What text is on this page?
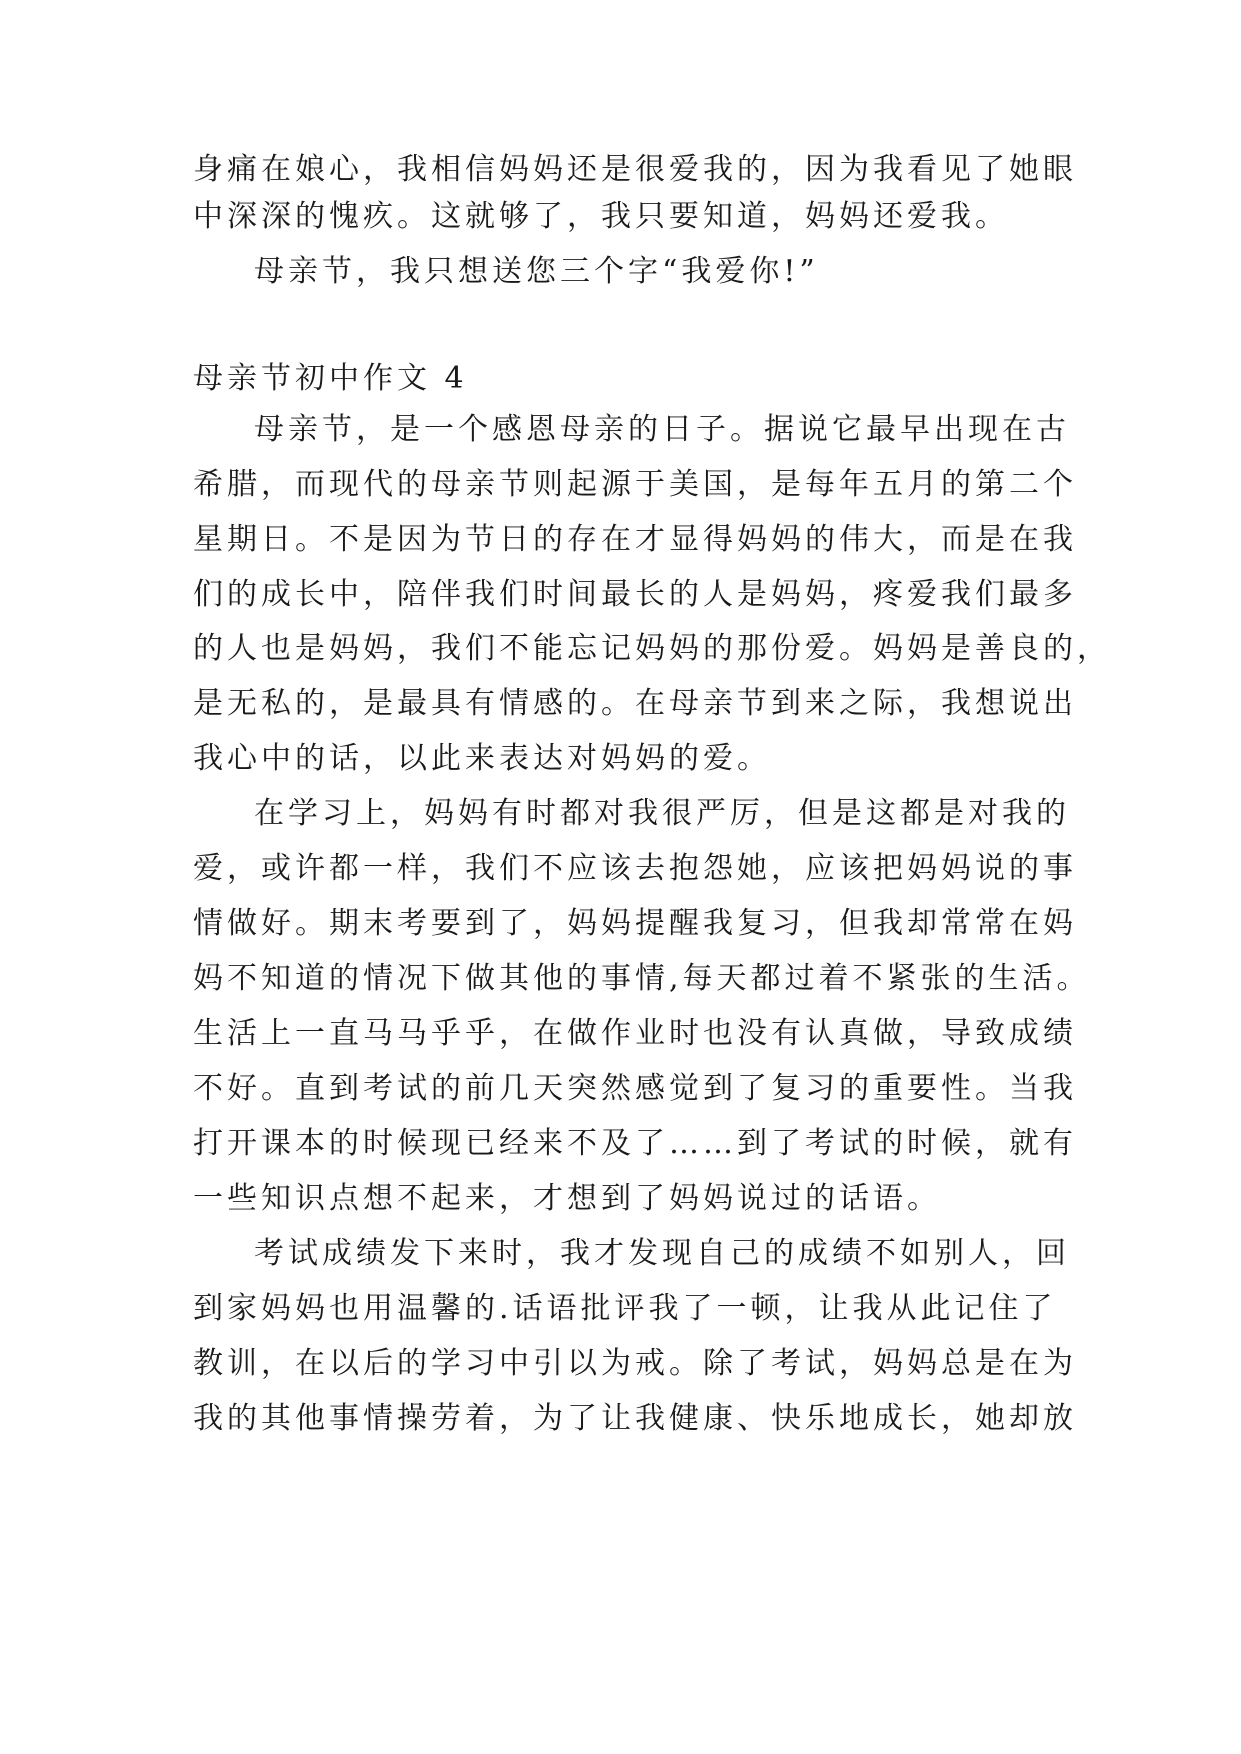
身痛在娘心，我相信妈妈还是很爱我的，因为我看见了她眼
中深深的愧疚。这就够了，我只要知道，妈妈还爱我。
母亲节，我只想送您三个字“我爱你!”
母亲节初中作文 4
母亲节，是一个感恩母亲的日子。据说它最早出现在古
希腊，而现代的母亲节则起源于美国，是每年五月的第二个
星期日。不是因为节日的存在才显得妈妈的伟大，而是在我
们的成长中，陪伴我们时间最长的人是妈妈，疼爱我们最多
的人也是妈妈，我们不能忘记妈妈的那份爱。妈妈是善良的，
是无私的，是最具有情感的。在母亲节到来之际，我想说出
我心中的话，以此来表达对妈妈的爱。
在学习上，妈妈有时都对我很严厉，但是这都是对我的
爱，或许都一样，我们不应该去抱怨她，应该把妈妈说的事
情做好。期末考要到了，妈妈提醒我复习，但我却常常在妈
妈不知道的情况下做其他的事情,每天都过着不紧张的生活。
生活上一直马马乎乎，在做作业时也没有认真做，导致成绩
不好。直到考试的前几天突然感觉到了复习的重要性。当我
打开课本的时候现已经来不及了……到了考试的时候，就有
一些知识点想不起来，才想到了妈妈说过的话语。
考试成绩发下来时，我才发现自己的成绩不如别人，回
到家妈妈也用温馨的.话语批评我了一顿，让我从此记住了
教训，在以后的学习中引以为戒。除了考试，妈妈总是在为
我的其他事情操劳着，为了让我健康、快乐地成长，她却放
